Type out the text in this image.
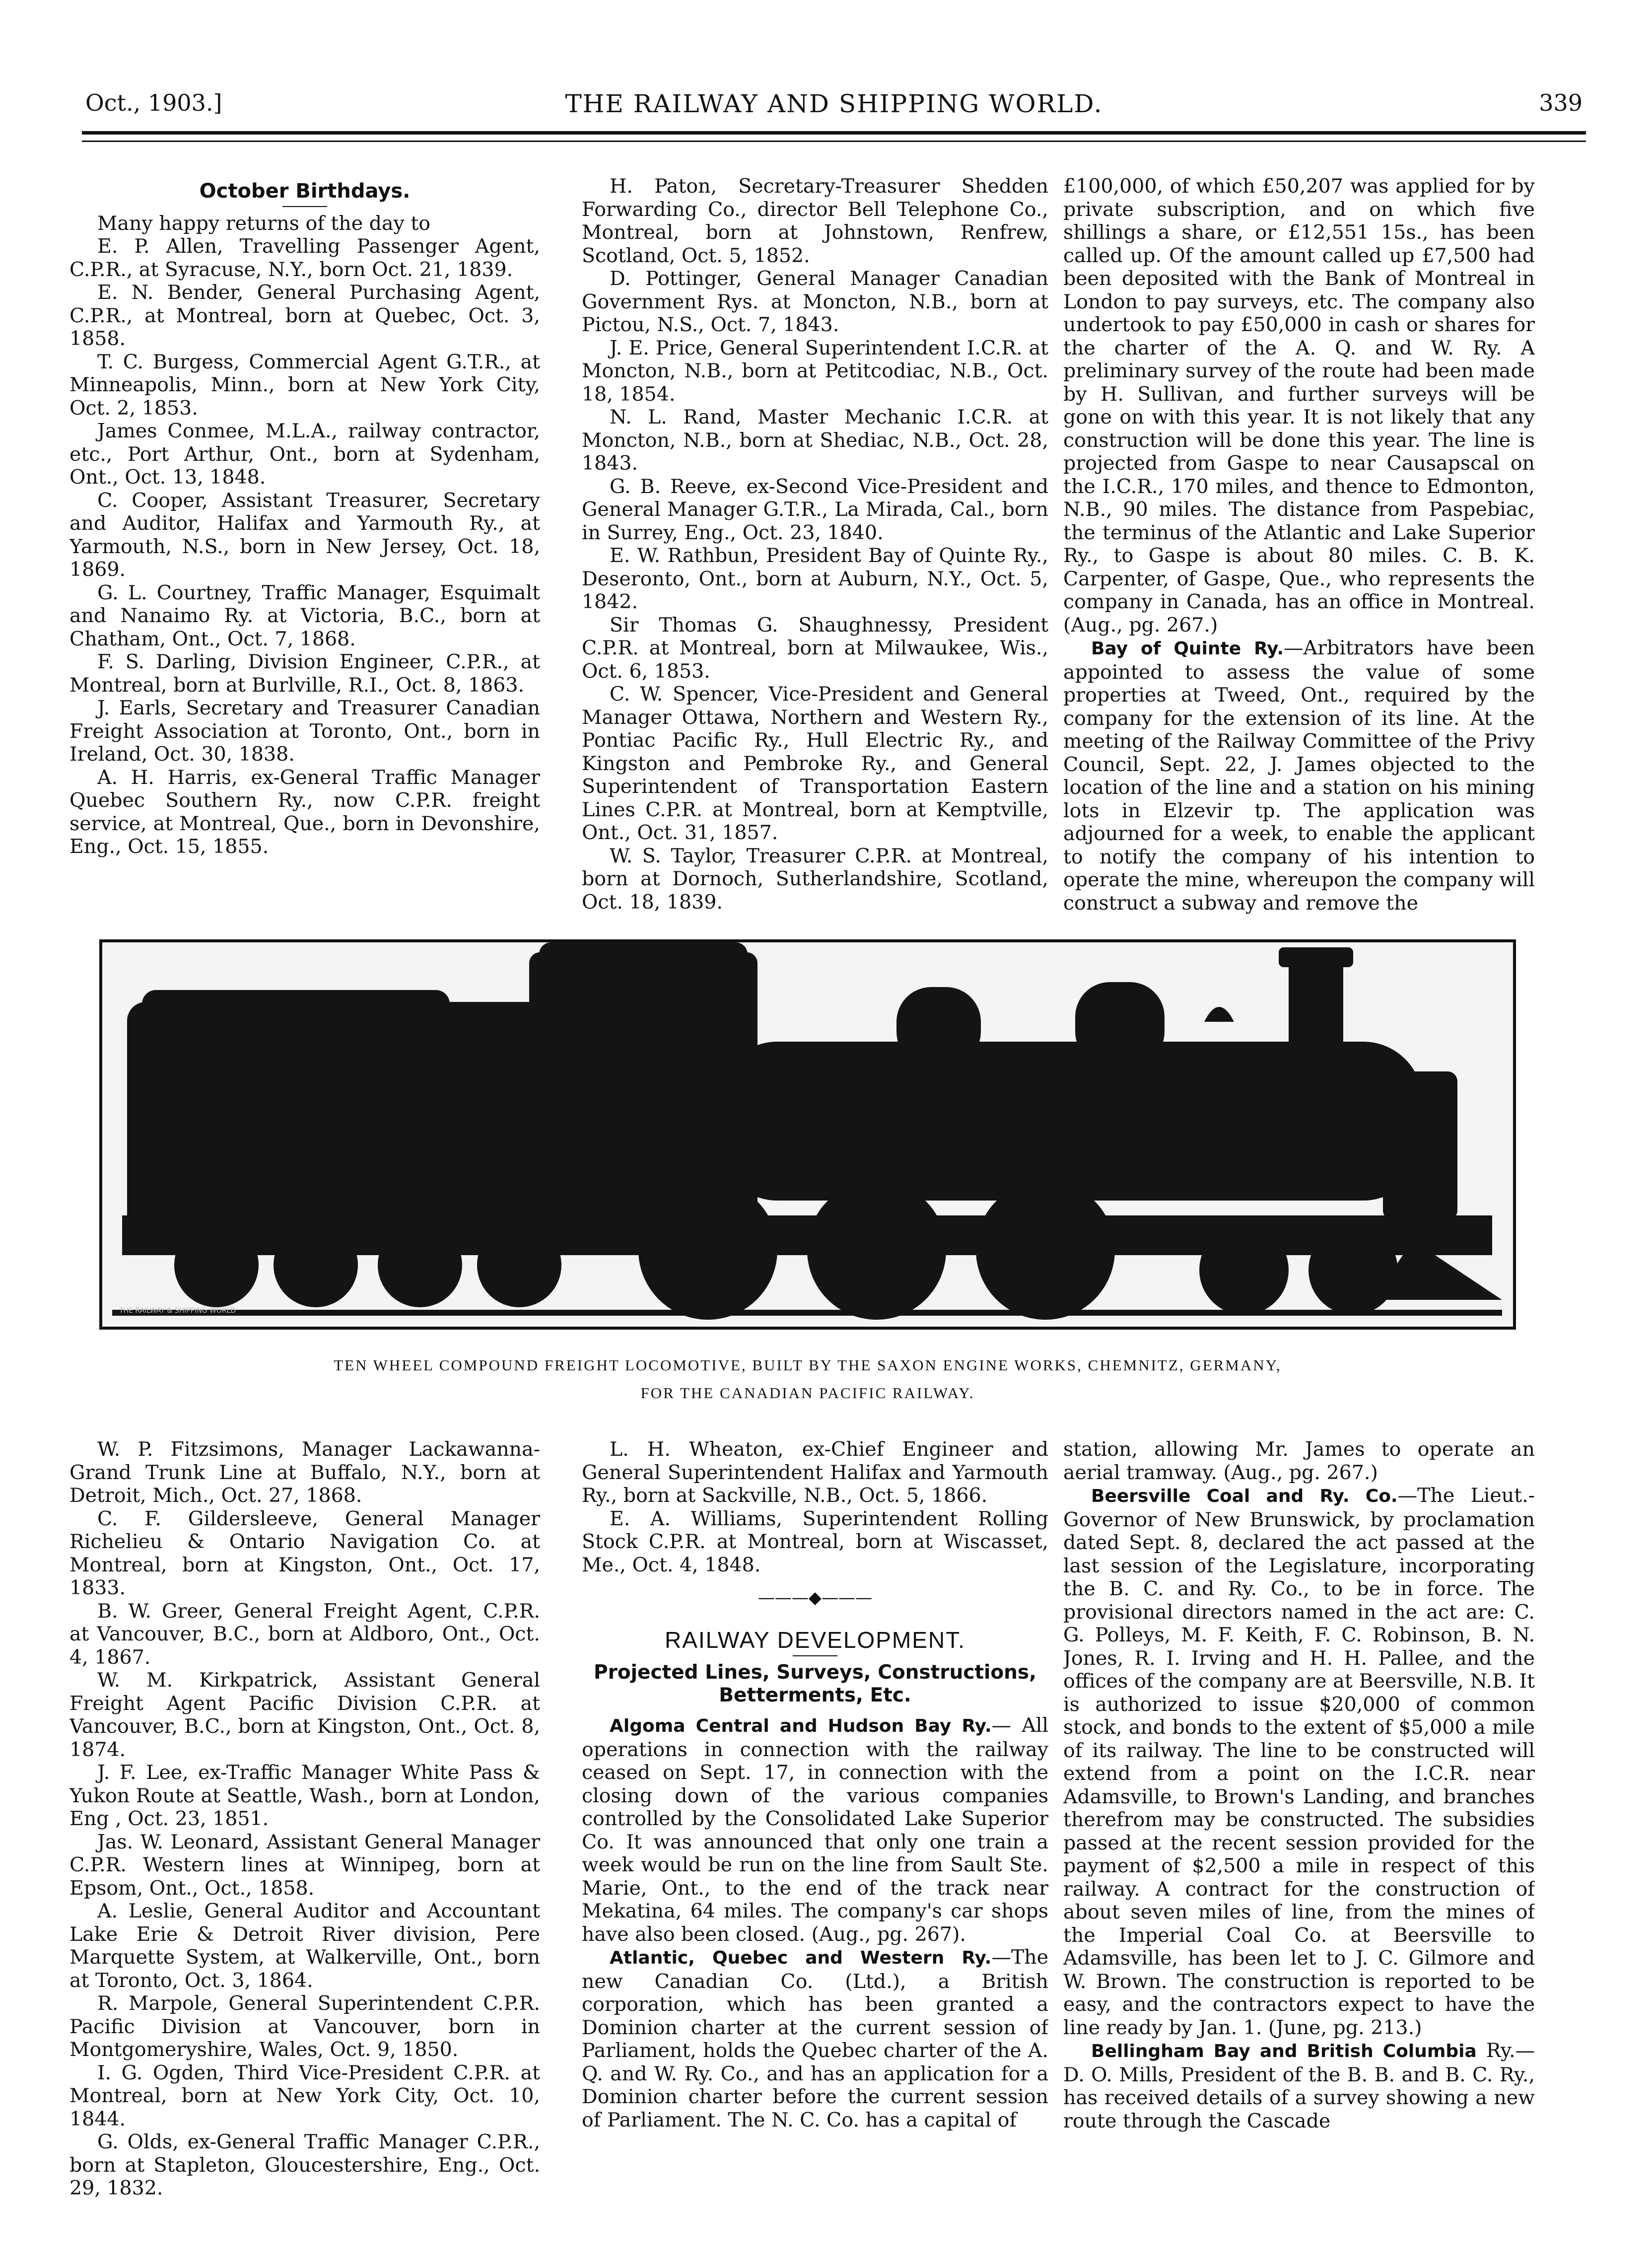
Oct., 1903.]	THE RAILWAY AND SHIPPING WORLD.	339
October Birthdays.

Many happy returns of the day to

E. P. Allen, Travelling Passenger Agent, C.P.R., at Syracuse, N.Y., born Oct. 21, 1839.

E. N. Bender, General Purchasing Agent, C.P.R., at Montreal, born at Quebec, Oct. 3, 1858.

T. C. Burgess, Commercial Agent G.T.R., at Minneapolis, Minn., born at New York City, Oct. 2, 1853.

James Conmee, M.L.A., railway contractor, etc., Port Arthur, Ont., born at Sydenham, Ont., Oct. 13, 1848.

C. Cooper, Assistant Treasurer, Secretary and Auditor, Halifax and Yarmouth Ry., at Yarmouth, N.S., born in New Jersey, Oct. 18, 1869.

G. L. Courtney, Traffic Manager, Esquimalt and Nanaimo Ry. at Victoria, B.C., born at Chatham, Ont., Oct. 7, 1868.

F. S. Darling, Division Engineer, C.P.R., at Montreal, born at Burlville, R.I., Oct. 8, 1863.

J. Earls, Secretary and Treasurer Canadian Freight Association at Toronto, Ont., born in Ireland, Oct. 30, 1838.

A. H. Harris, ex-General Traffic Manager Quebec Southern Ry., now C.P.R. freight service, at Montreal, Que., born in Devonshire, Eng., Oct. 15, 1855.

H. Paton, Secretary-Treasurer Shedden Forwarding Co., director Bell Telephone Co., Montreal, born at Johnstown, Renfrew, Scotland, Oct. 5, 1852.

D. Pottinger, General Manager Canadian Government Rys. at Moncton, N.B., born at Pictou, N.S., Oct. 7, 1843.

J. E. Price, General Superintendent I.C.R. at Moncton, N.B., born at Petitcodiac, N.B., Oct. 18, 1854.

N. L. Rand, Master Mechanic I.C.R. at Moncton, N.B., born at Shediac, N.B., Oct. 28, 1843.

G. B. Reeve, ex-Second Vice-President and General Manager G.T.R., La Mirada, Cal., born in Surrey, Eng., Oct. 23, 1840.

E. W. Rathbun, President Bay of Quinte Ry., Deseronto, Ont., born at Auburn, N.Y., Oct. 5, 1842.

Sir Thomas G. Shaughnessy, President C.P.R. at Montreal, born at Milwaukee, Wis., Oct. 6, 1853.

C. W. Spencer, Vice-President and General Manager Ottawa, Northern and Western Ry., Pontiac Pacific Ry., Hull Electric Ry., and Kingston and Pembroke Ry., and General Superintendent of Transportation Eastern Lines C.P.R. at Montreal, born at Kemptville, Ont., Oct. 31, 1857.

W. S. Taylor, Treasurer C.P.R. at Montreal, born at Dornoch, Sutherlandshire, Scotland, Oct. 18, 1839.

£100,000, of which £50,207 was applied for by private subscription, and on which five shillings a share, or £12,551 15s., has been called up. Of the amount called up £7,500 had been deposited with the Bank of Montreal in London to pay surveys, etc. The company also undertook to pay £50,000 in cash or shares for the charter of the A. Q. and W. Ry. A preliminary survey of the route had been made by H. Sullivan, and further surveys will be gone on with this year. It is not likely that any construction will be done this year. The line is projected from Gaspe to near Causapscal on the I.C.R., 170 miles, and thence to Edmonton, N.B., 90 miles. The distance from Paspebiac, the terminus of the Atlantic and Lake Superior Ry., to Gaspe is about 80 miles. C. B. K. Carpenter, of Gaspe, Que., who represents the company in Canada, has an office in Montreal. (Aug., pg. 267.)

Bay of Quinte Ry.—Arbitrators have been appointed to assess the value of some properties at Tweed, Ont., required by the company for the extension of its line. At the meeting of the Railway Committee of the Privy Council, Sept. 22, J. James objected to the location of the line and a station on his mining lots in Elzevir tp. The application was adjourned for a week, to enable the applicant to notify the company of his intention to operate the mine, whereupon the company will construct a subway and remove the

THE RAILWAY & SHIPPING WORLD
TEN WHEEL COMPOUND FREIGHT LOCOMOTIVE, BUILT BY THE SAXON ENGINE WORKS, CHEMNITZ, GERMANY,
FOR THE CANADIAN PACIFIC RAILWAY.

W. P. Fitzsimons, Manager Lackawanna-Grand Trunk Line at Buffalo, N.Y., born at Detroit, Mich., Oct. 27, 1868.

C. F. Gildersleeve, General Manager Richelieu & Ontario Navigation Co. at Montreal, born at Kingston, Ont., Oct. 17, 1833.

B. W. Greer, General Freight Agent, C.P.R. at Vancouver, B.C., born at Aldboro, Ont., Oct. 4, 1867.

W. M. Kirkpatrick, Assistant General Freight Agent Pacific Division C.P.R. at Vancouver, B.C., born at Kingston, Ont., Oct. 8, 1874.

J. F. Lee, ex-Traffic Manager White Pass & Yukon Route at Seattle, Wash., born at London, Eng , Oct. 23, 1851.

Jas. W. Leonard, Assistant General Manager C.P.R. Western lines at Winnipeg, born at Epsom, Ont., Oct., 1858.

A. Leslie, General Auditor and Accountant Lake Erie & Detroit River division, Pere Marquette System, at Walkerville, Ont., born at Toronto, Oct. 3, 1864.

R. Marpole, General Superintendent C.P.R. Pacific Division at Vancouver, born in Montgomeryshire, Wales, Oct. 9, 1850.

I. G. Ogden, Third Vice-President C.P.R. at Montreal, born at New York City, Oct. 10, 1844.

G. Olds, ex-General Traffic Manager C.P.R., born at Stapleton, Gloucestershire, Eng., Oct. 29, 1832.

L. H. Wheaton, ex-Chief Engineer and General Superintendent Halifax and Yarmouth Ry., born at Sackville, N.B., Oct. 5, 1866.

E. A. Williams, Superintendent Rolling Stock C.P.R. at Montreal, born at Wiscasset, Me., Oct. 4, 1848.

———◆———
RAILWAY DEVELOPMENT.
Projected Lines, Surveys, Constructions, Betterments, Etc.

Algoma Central and Hudson Bay Ry.— All operations in connection with the railway ceased on Sept. 17, in connection with the closing down of the various companies controlled by the Consolidated Lake Superior Co. It was announced that only one train a week would be run on the line from Sault Ste. Marie, Ont., to the end of the track near Mekatina, 64 miles. The company's car shops have also been closed. (Aug., pg. 267).

Atlantic, Quebec and Western Ry.—The new Canadian Co. (Ltd.), a British corporation, which has been granted a Dominion charter at the current session of Parliament, holds the Quebec charter of the A. Q. and W. Ry. Co., and has an application for a Dominion charter before the current session of Parliament. The N. C. Co. has a capital of

station, allowing Mr. James to operate an aerial tramway. (Aug., pg. 267.)

Beersville Coal and Ry. Co.—The Lieut.-Governor of New Brunswick, by proclamation dated Sept. 8, declared the act passed at the last session of the Legislature, incorporating the B. C. and Ry. Co., to be in force. The provisional directors named in the act are: C. G. Polleys, M. F. Keith, F. C. Robinson, B. N. Jones, R. I. Irving and H. H. Pallee, and the offices of the company are at Beersville, N.B. It is authorized to issue $20,000 of common stock, and bonds to the extent of $5,000 a mile of its railway. The line to be constructed will extend from a point on the I.C.R. near Adamsville, to Brown's Landing, and branches therefrom may be constructed. The subsidies passed at the recent session provided for the payment of $2,500 a mile in respect of this railway. A contract for the construction of about seven miles of line, from the mines of the Imperial Coal Co. at Beersville to Adamsville, has been let to J. C. Gilmore and W. Brown. The construction is reported to be easy, and the contractors expect to have the line ready by Jan. 1. (June, pg. 213.)

Bellingham Bay and British Columbia Ry.—D. O. Mills, President of the B. B. and B. C. Ry., has received details of a survey showing a new route through the Cascade
